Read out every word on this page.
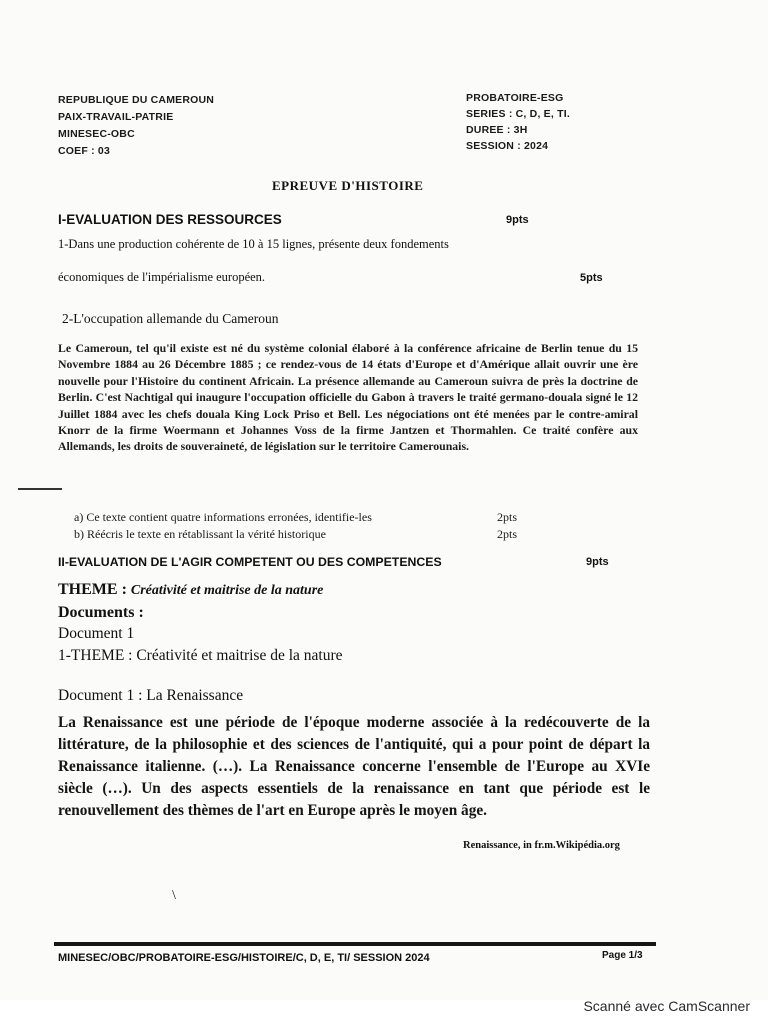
REPUBLIQUE DU CAMEROUN
PAIX-TRAVAIL-PATRIE
MINESEC-OBC
COEF : 03
PROBATOIRE-ESG
SERIES : C, D, E, TI.
DUREE : 3H
SESSION : 2024
EPREUVE D'HISTOIRE
I-EVALUATION DES RESSOURCES	9pts
1-Dans une production cohérente de 10 à 15 lignes, présente deux fondements
économiques de l'impérialisme européen.	5pts
2-L'occupation allemande du Cameroun
Le Cameroun, tel qu'il existe est né du système colonial élaboré à la conférence africaine de Berlin tenue du 15 Novembre 1884 au 26 Décembre 1885 ; ce rendez-vous de 14 états d'Europe et d'Amérique allait ouvrir une ère nouvelle pour l'Histoire du continent Africain. La présence allemande au Cameroun suivra de près la doctrine de Berlin. C'est Nachtigal qui inaugure l'occupation officielle du Gabon à travers le traité germano-douala signé le 12 Juillet 1884 avec les chefs douala King Lock Priso et Bell. Les négociations ont été menées par le contre-amiral Knorr de la firme Woermann et Johannes Voss de la firme Jantzen et Thormahlen. Ce traité confère aux Allemands, les droits de souveraineté, de législation sur le territoire Camerounais.
a) Ce texte contient quatre informations erronées, identifie-les	2pts
b) Réécris le texte en rétablissant la vérité historique	2pts
II-EVALUATION DE L'AGIR COMPETENT OU DES COMPETENCES	9pts
THEME : Créativité et maitrise de la nature
Documents :
Document 1
1-THEME : Créativité et maitrise de la nature
Document 1 : La Renaissance
La Renaissance est une période de l'époque moderne associée à la redécouverte de la littérature, de la philosophie et des sciences de l'antiquité, qui a pour point de départ la Renaissance italienne. (…). La Renaissance concerne l'ensemble de l'Europe au XVIe siècle (…). Un des aspects essentiels de la renaissance en tant que période est le renouvellement des thèmes de l'art en Europe après le moyen âge.
Renaissance, in fr.m.Wikipédia.org
\
MINESEC/OBC/PROBATOIRE-ESG/HISTOIRE/C, D, E, TI/ SESSION 2024	Page 1/3
Scanné avec CamScanner
